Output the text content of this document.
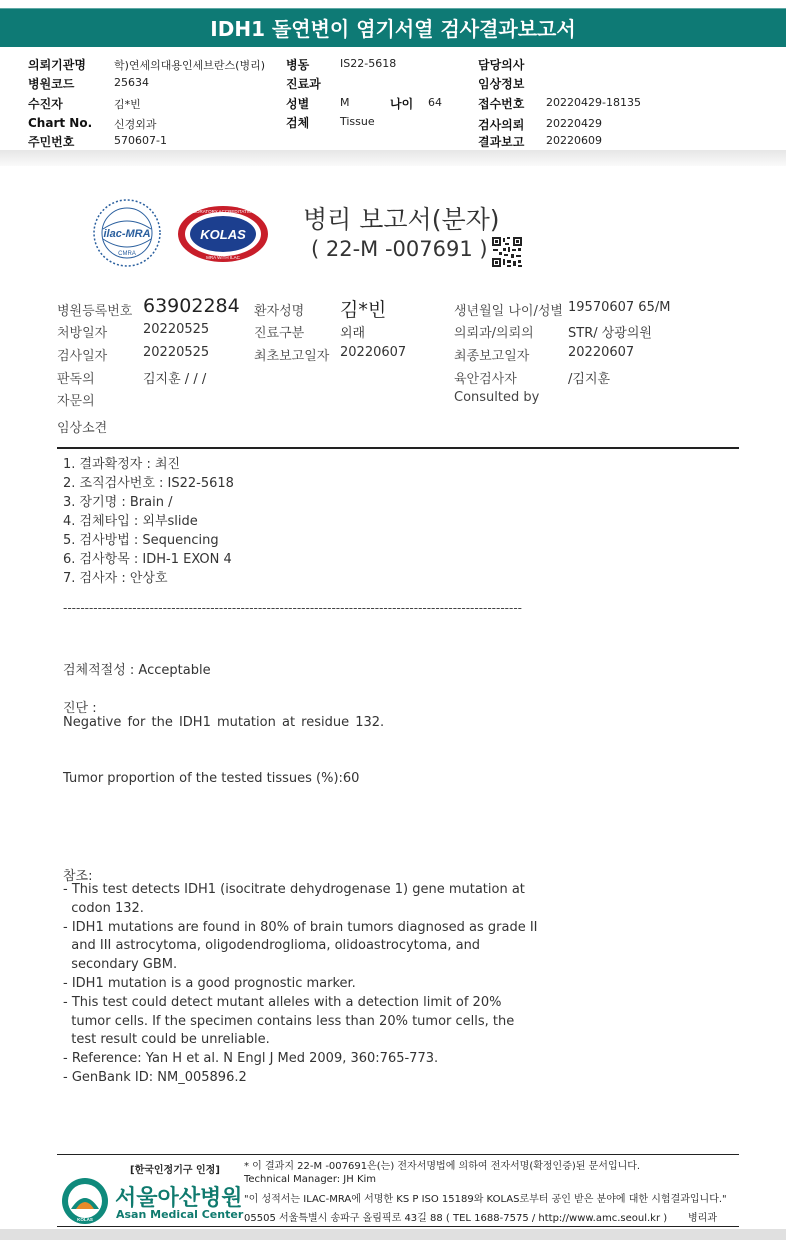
IDH1 돌연변이 염기서열 검사결과보고서
의뢰기관명	학)연세의대용인세브란스(병리) 병동	IS22-5618	담당의사
병원코드	25634	진료과	임상정보
수진자	김*빈	성별	M	나이 64	접수번호 20220429-18135
Chart No. 신경외과	검체	Tissue	검사의뢰 20220429
주민번호	570607-1	결과보고 20220609
ilac-MRA
CMRA
KOREA LABORATORY ACCREDITATION SCHEME
KOLAS
MRA WITH ILAC
병리 보고서(분자)
( 22-M -007691 )
병원등록번호 63902284 환자성명 김*빈	생년월일 나이/성별 19570607 65/M
처방일자	20220525	진료구분	외래	의뢰과/의뢰의	STR/ 상광의원
검사일자	20220525	최초보고일자 20220607	최종보고일자	20220607
판독의	김지훈 / / /	육안검사자	/김지훈
자문의	Consulted by
임상소견
1. 결과확정자 : 최진
2. 조직검사번호 : IS22-5618
3. 장기명 : Brain /
4. 검체타입 : 외부slide
5. 검사방법 : Sequencing
6. 검사항목 : IDH-1 EXON 4
7. 검사자 : 안상호
----------------------------------------------------------------------------------------------------------
검체적절성 : Acceptable
진단 :
Negative for the IDH1 mutation at residue 132.
Tumor proportion of the tested tissues (%):60
참조:
- This test detects IDH1 (isocitrate dehydrogenase 1) gene mutation at
codon 132.
- IDH1 mutations are found in 80% of brain tumors diagnosed as grade II
and III astrocytoma, oligodendroglioma, olidoastrocytoma, and
secondary GBM.
- IDH1 mutation is a good prognostic marker.
- This test could detect mutant alleles with a detection limit of 20%
tumor cells. If the specimen contains less than 20% tumor cells, the
test result could be unreliable.
- Reference: Yan H et al. N Engl J Med 2009, 360:765-773.
- GenBank ID: NM_005896.2
[한국인정기구 인정]
KOLAS
서울아산병원
Asan Medical Center
* 이 결과지 22-M -007691은(는) 전자서명법에 의하여 전자서명(확정인증)된 문서입니다.
Technical Manager: JH Kim
"이 성적서는 ILAC-MRA에 서명한 KS P ISO 15189와 KOLAS로부터 공인 받은 분야에 대한 시험결과입니다."
05505 서울특별시 송파구 올림픽로 43길 88 ( TEL 1688-7575 / http://www.amc.seoul.kr ) 병리과
